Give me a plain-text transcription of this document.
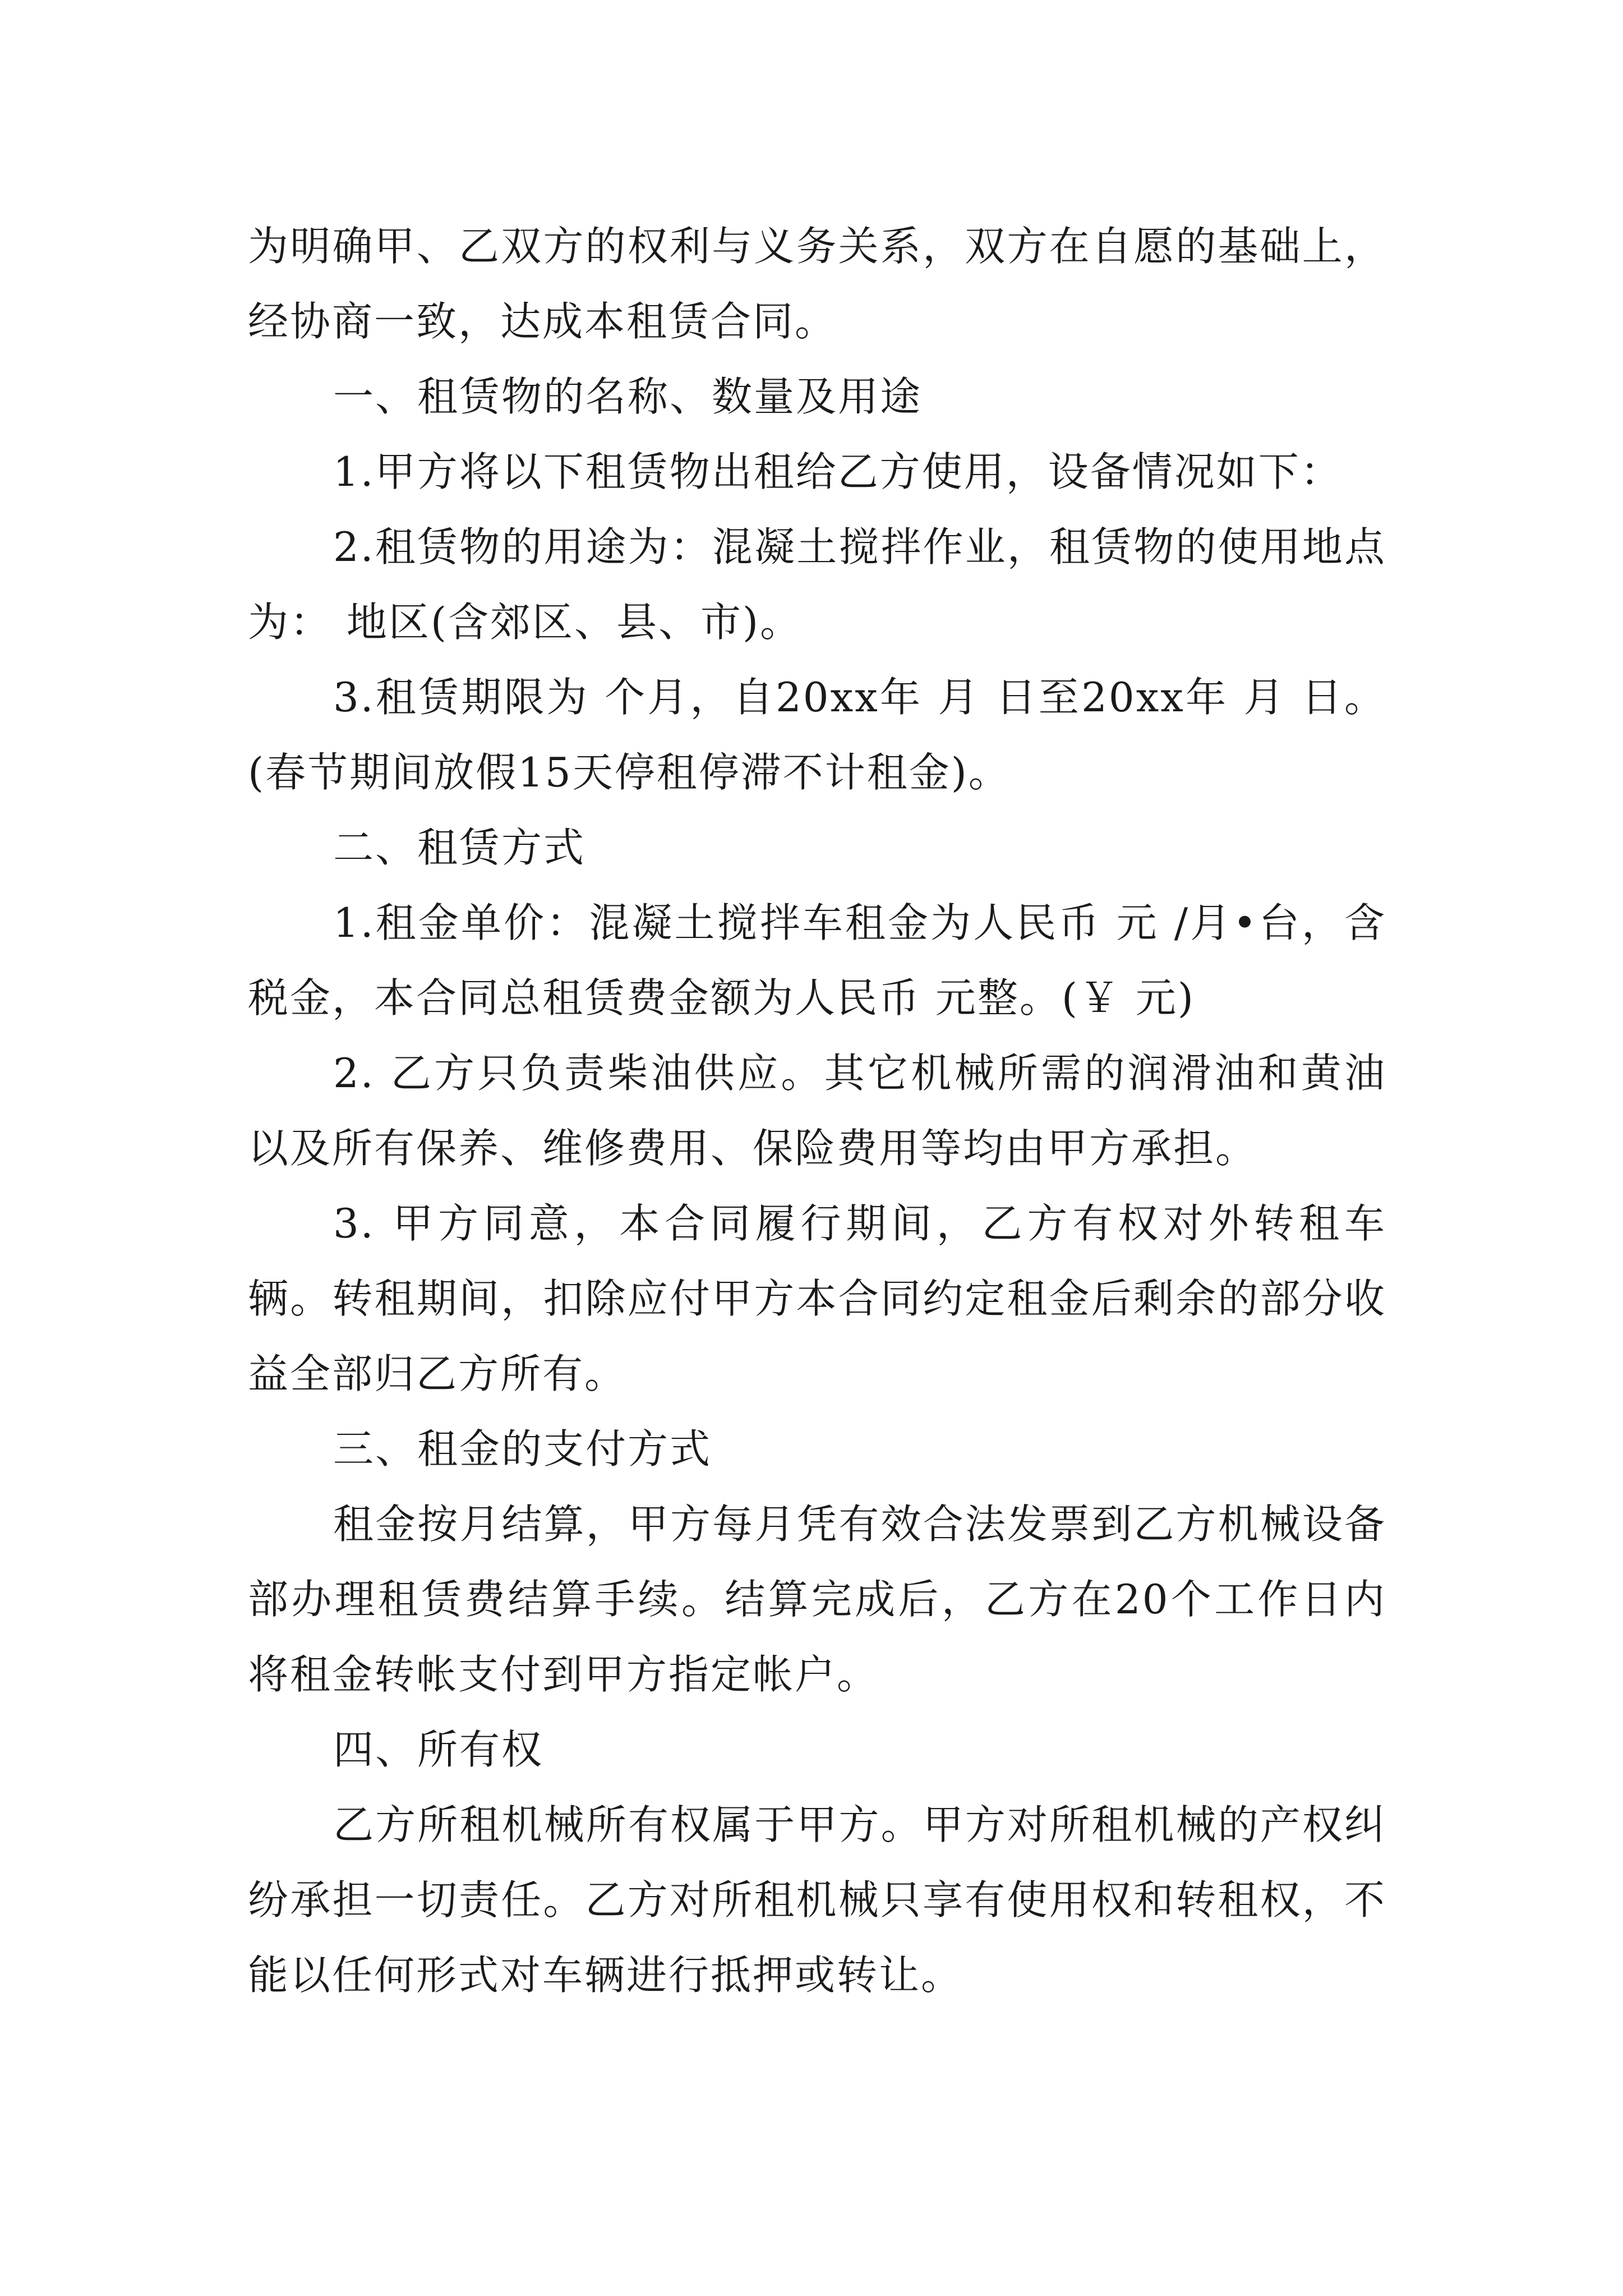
为明确甲、乙双方的权利与义务关系，双方在自愿的基础上，经协商一致，达成本租赁合同。

一、租赁物的名称、数量及用途

1.甲方将以下租赁物出租给乙方使用，设备情况如下：

2.租赁物的用途为：混凝土搅拌作业，租赁物的使用地点为： 地区(含郊区、县、市)。

3.租赁期限为 个月，自20xx年 月 日至20xx年 月 日。(春节期间放假15天停租停滞不计租金)。

二、租赁方式

1.租金单价：混凝土搅拌车租金为人民币 元 /月•台，含税金，本合同总租赁费金额为人民币 元整。(￥ 元)

2. 乙方只负责柴油供应。其它机械所需的润滑油和黄油以及所有保养、维修费用、保险费用等均由甲方承担。

3. 甲方同意，本合同履行期间，乙方有权对外转租车辆。转租期间，扣除应付甲方本合同约定租金后剩余的部分收益全部归乙方所有。

三、租金的支付方式

租金按月结算，甲方每月凭有效合法发票到乙方机械设备部办理租赁费结算手续。结算完成后，乙方在20个工作日内将租金转帐支付到甲方指定帐户。

四、所有权

乙方所租机械所有权属于甲方。甲方对所租机械的产权纠纷承担一切责任。乙方对所租机械只享有使用权和转租权，不能以任何形式对车辆进行抵押或转让。
